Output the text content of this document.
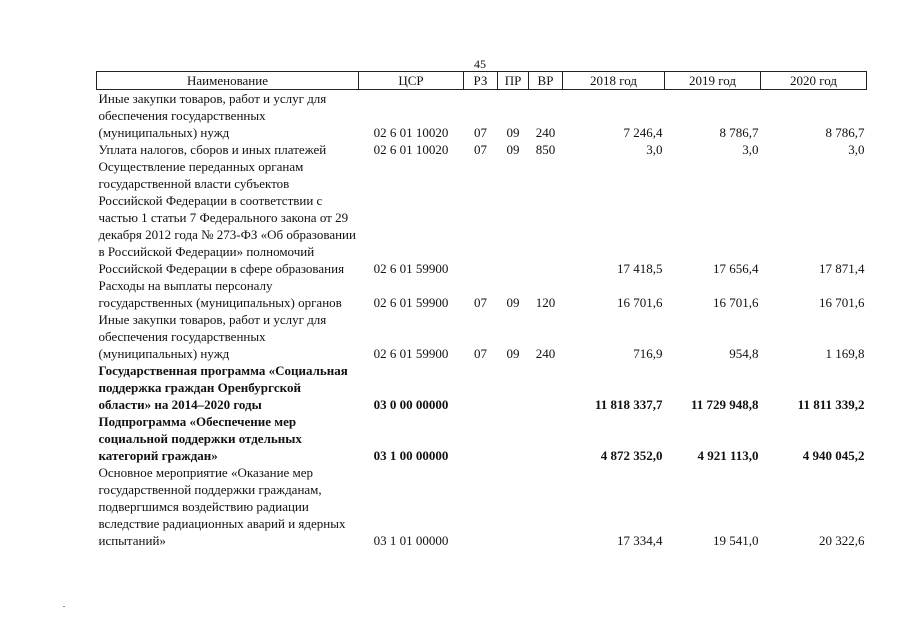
45
Наименование	ЦСР	РЗ	ПР	ВР	2018 год	2019 год	2020 год
Иные закупки товаров, работ и услуг для обеспечения государственных (муниципальных) нужд	02 6 01 10020	07	09	240	7 246,4	8 786,7	8 786,7
Уплата налогов, сборов и иных платежей	02 6 01 10020	07	09	850	3,0	3,0	3,0
Осуществление переданных органам государственной власти субъектов Российской Федерации в соответствии с частью 1 статьи 7 Федерального закона от 29 декабря 2012 года № 273-ФЗ «Об образовании в Российской Федерации» полномочий Российской Федерации в сфере образования	02 6 01 59900				17 418,5	17 656,4	17 871,4
Расходы на выплаты персоналу государственных (муниципальных) органов	02 6 01 59900	07	09	120	16 701,6	16 701,6	16 701,6
Иные закупки товаров, работ и услуг для обеспечения государственных (муниципальных) нужд	02 6 01 59900	07	09	240	716,9	954,8	1 169,8
Государственная программа «Социальная поддержка граждан Оренбургской области» на 2014–2020 годы	03 0 00 00000				11 818 337,7	11 729 948,8	11 811 339,2
Подпрограмма «Обеспечение мер социальной поддержки отдельных категорий граждан»	03 1 00 00000				4 872 352,0	4 921 113,0	4 940 045,2
Основное мероприятие «Оказание мер государственной поддержки гражданам, подвергшимся воздействию радиации вследствие радиационных аварий и ядерных испытаний»	03 1 01 00000				17 334,4	19 541,0	20 322,6
